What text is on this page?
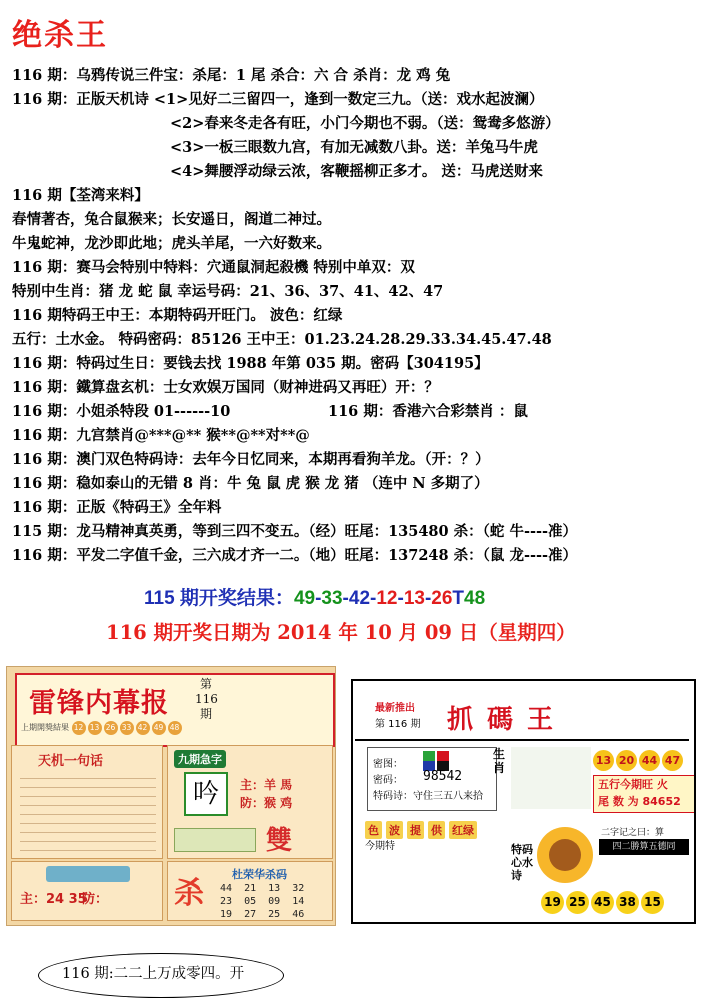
绝杀王
116 期：乌鸦传说三件宝：杀尾：1 尾 杀合：六 合 杀肖：龙 鸡 兔
116 期：正版天机诗 <1>见好二三留四一，逢到一数定三九。（送：戏水起波澜）
<2>春来冬走各有旺，小门今期也不弱。（送：鸳鸯多悠游）
<3>一板三眼数九宫，有加无减数八卦。送：羊兔马牛虎
<4>舞腰浮动绿云浓，客鞭摇柳正多才。 送：马虎送财来
116 期【荃湾来料】
春情著杏，兔合鼠猴来；长安遥日，阁道二神过。
牛鬼蛇神，龙沙即此地；虎头羊尾，一六好数来。
116 期：赛马会特别中特料：穴通鼠洞起殺機 特别中单双：双
特别中生肖：猪 龙 蛇 鼠 幸运号码：21、36、37、41、42、47
116 期特码王中王：本期特码开旺门。 波色：红绿
五行：土水金。 特码密码：85126 王中王：01.23.24.28.29.33.34.45.47.48
116 期：特码过生日：要钱去找 1988 年第 035 期。密码【304195】
116 期：鐵算盘玄机：士女欢娱万国同（财神进码又再旺）开：？
116 期：小姐杀特段 01------10	116 期：香港六合彩禁肖 ：鼠
116 期：九宫禁肖@***@** 猴**@**对**@
116 期：澳门双色特码诗：去年今日忆同来，本期再看狗羊龙。（开：？）
116 期：稳如泰山的无错 8 肖：牛 兔 鼠 虎 猴 龙 猪 （连中 N 多期了）
116 期：正版《特码王》全年料
115 期：龙马精神真英勇，等到三四不变五。（经）旺尾：135480 杀：（蛇 牛----准）
116 期：平发二字值千金，三六成才齐一二。（地）旺尾：137248 杀：（鼠 龙----准）
115 期开奖结果：49-33-42-12-13-26T48
116 期开奖日期为 2014 年 10 月 09 日（星期四）
雷锋内幕报
第116期
上期開獎結果 12 13 26 33 42 49 48
天机一句话	九期急字
吟	主：羊 馬
防：猴 鸡
雙
主：24 35
防： 杀
杜荣华杀码
44  21  13  32
23  05  09  14
19  27  25  46
最新推出
第 116 期 抓碼王
密图：
密码： 98542
特码诗：守住三五八来拾
生肖
13 20 44 47
五行今期旺 火
尾 数 为 84652
色 波 提 供 红绿
今期特	特码心水诗
二字记之曰：算
四二勝算五德同
19 25 45 38 15
116 期:二二上万成零四。开
